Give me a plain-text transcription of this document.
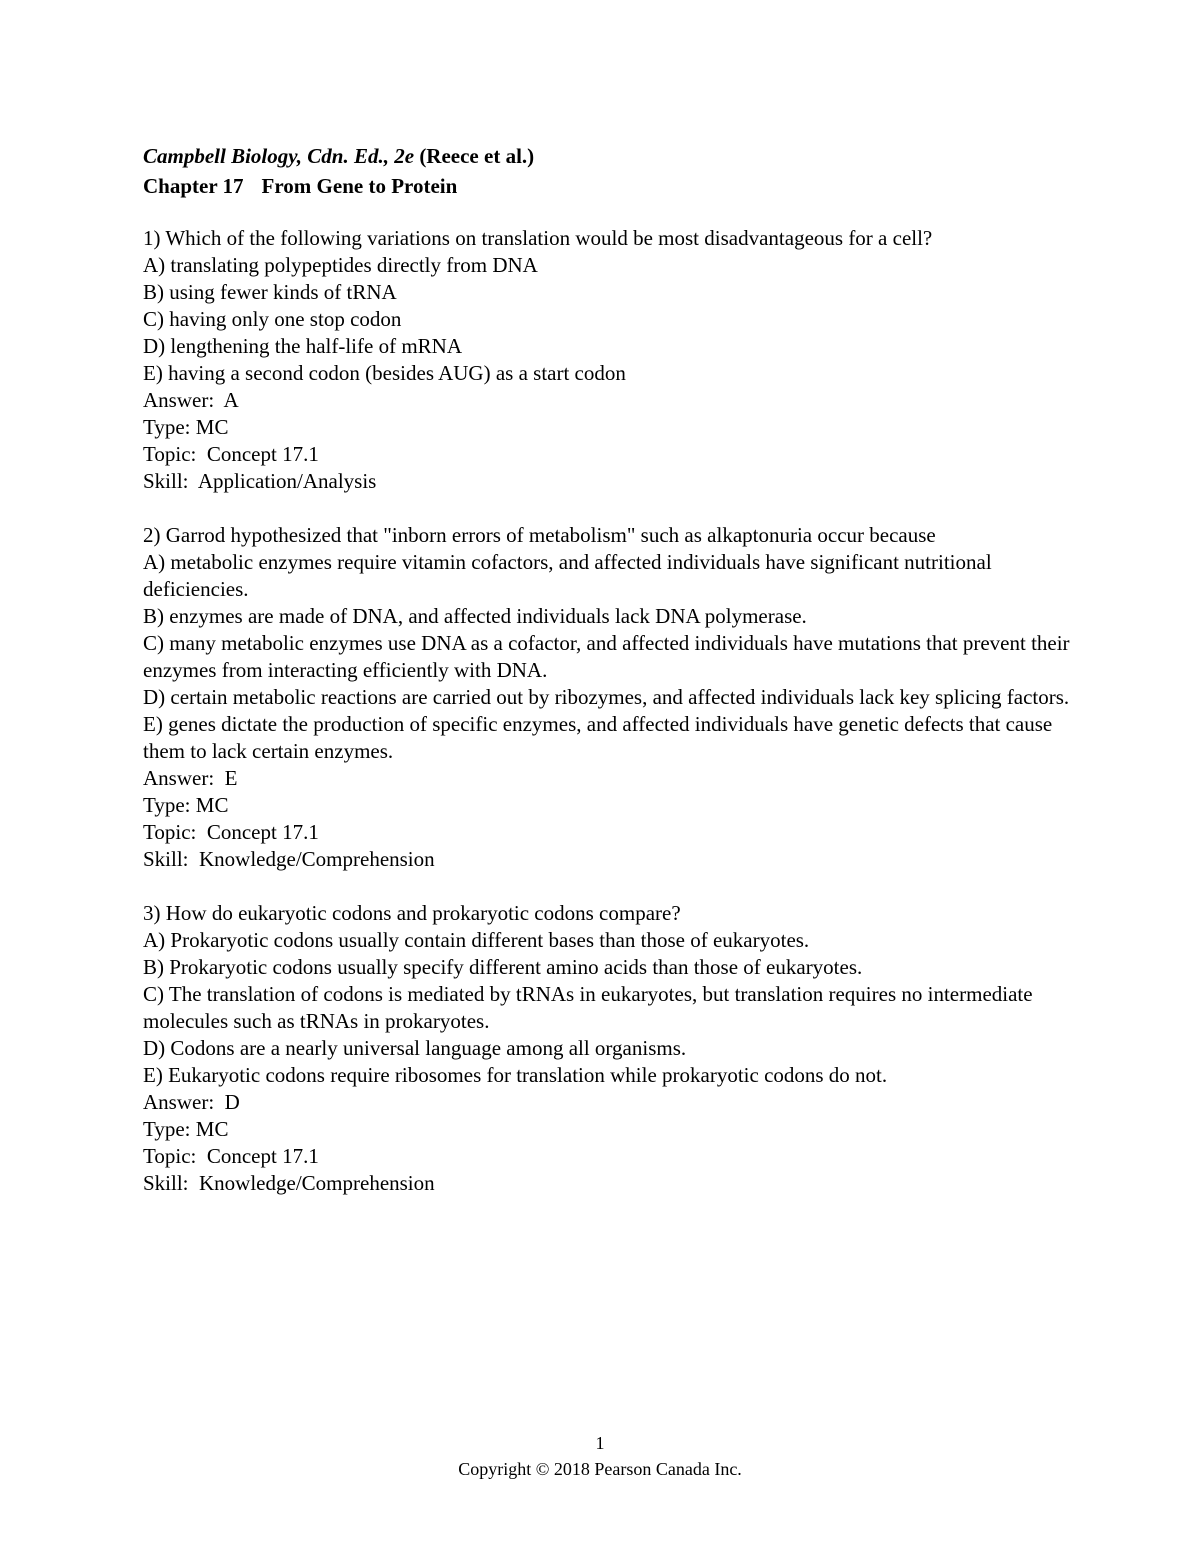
Campbell Biology, Cdn. Ed., 2e (Reece et al.)

Chapter 17 From Gene to Protein

1) Which of the following variations on translation would be most disadvantageous for a cell?

A) translating polypeptides directly from DNA

B) using fewer kinds of tRNA

C) having only one stop codon

D) lengthening the half-life of mRNA

E) having a second codon (besides AUG) as a start codon

Answer:  A

Type: MC

Topic:  Concept 17.1

Skill:  Application/Analysis

2) Garrod hypothesized that "inborn errors of metabolism" such as alkaptonuria occur because

A) metabolic enzymes require vitamin cofactors, and affected individuals have significant nutritional deficiencies.

B) enzymes are made of DNA, and affected individuals lack DNA polymerase.

C) many metabolic enzymes use DNA as a cofactor, and affected individuals have mutations that prevent their enzymes from interacting efficiently with DNA.

D) certain metabolic reactions are carried out by ribozymes, and affected individuals lack key splicing factors.

E) genes dictate the production of specific enzymes, and affected individuals have genetic defects that cause them to lack certain enzymes.

Answer:  E

Type: MC

Topic:  Concept 17.1

Skill:  Knowledge/Comprehension

3) How do eukaryotic codons and prokaryotic codons compare?

A) Prokaryotic codons usually contain different bases than those of eukaryotes.

B) Prokaryotic codons usually specify different amino acids than those of eukaryotes.

C) The translation of codons is mediated by tRNAs in eukaryotes, but translation requires no intermediate molecules such as tRNAs in prokaryotes.

D) Codons are a nearly universal language among all organisms.

E) Eukaryotic codons require ribosomes for translation while prokaryotic codons do not.

Answer:  D

Type: MC

Topic:  Concept 17.1

Skill:  Knowledge/Comprehension

1
Copyright © 2018 Pearson Canada Inc.
